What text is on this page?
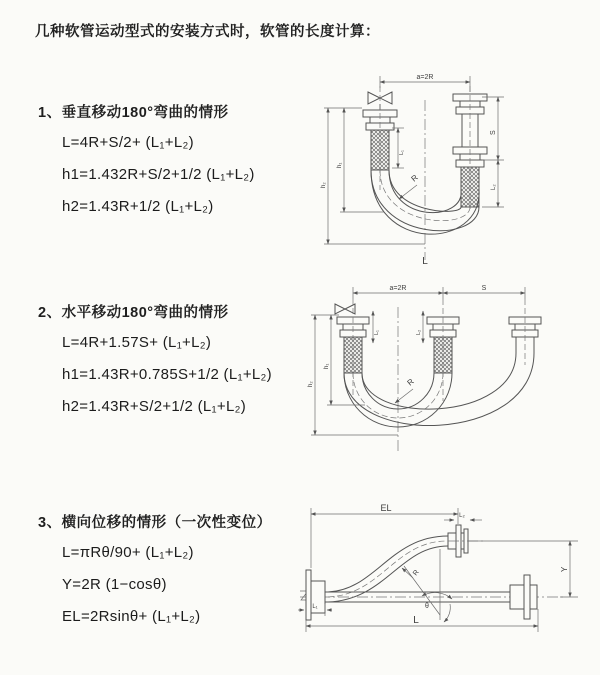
几种软管运动型式的安装方式时，软管的长度计算：

1、垂直移动180°弯曲的情形

L=4R+S/2+ (L₁+L₂)

h1=1.432R+S/2+1/2 (L₁+L₂)

h2=1.43R+1/2 (L₁+L₂)

a=2R
h₁
h₂
S
L₂
L₁
R
L

2、水平移动180°弯曲的情形

L=4R+1.57S+ (L₁+L₂)

h1=1.43R+0.785S+1/2 (L₁+L₂)

h2=1.43R+S/2+1/2 (L₁+L₂)

a=2R	S
L₁	L₂
h₁
h₂	R

3、横向位移的情形（一次性变位）

L=πRθ/90+ (L₁+L₂)

Y=2R (1−cosθ)

EL=2Rsinθ+ (L₁+L₂)

EL
L₂
Y
R
θ
L₁
L
